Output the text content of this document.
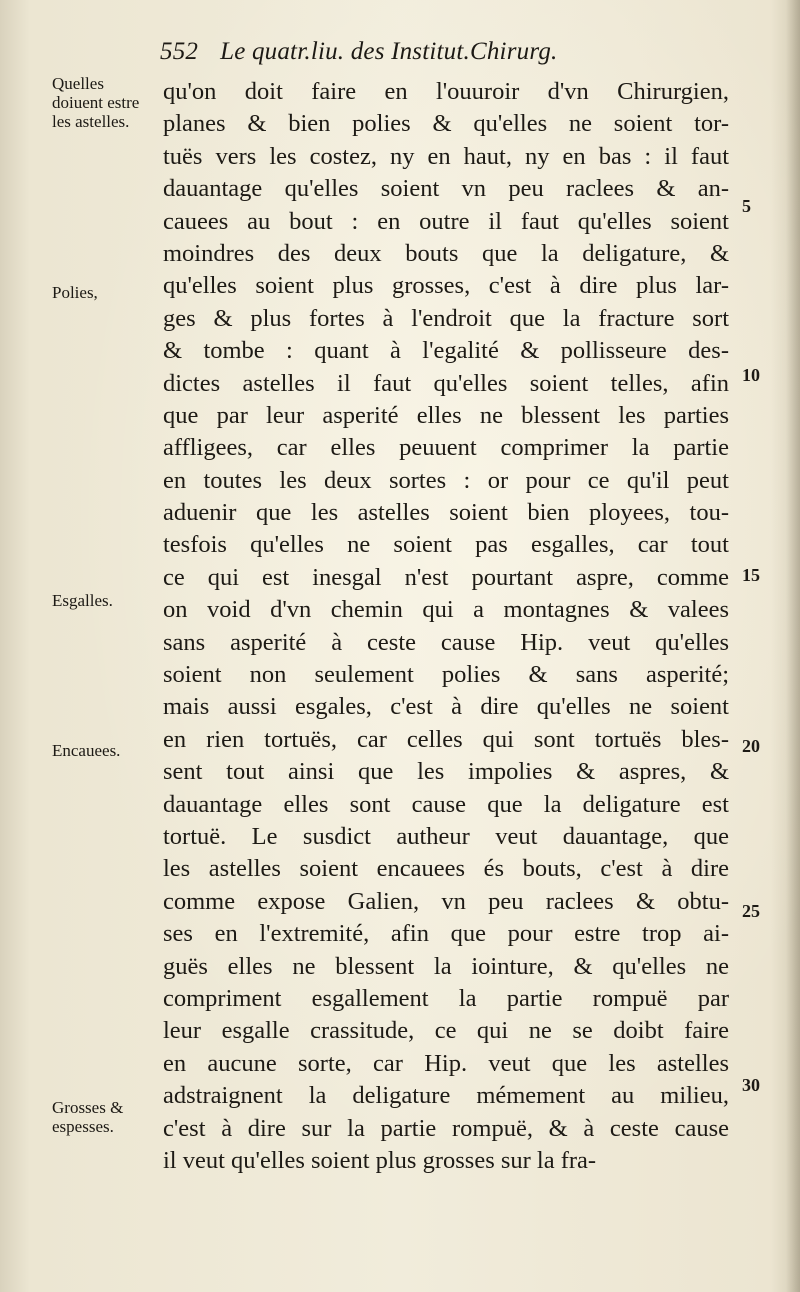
552 Le quatr.liu. des Institut.Chirurg.
Quelles doiuent estre les astelles.
Polies,
Esgalles.
Encauees.
Grosses & espesses.
5
10
15
20
25
30
qu'on doit faire en l'ouuroir d'vn Chirurgien,
planes & bien polies & qu'elles ne soient tor-
tuës vers les costez, ny en haut, ny en bas : il faut
dauantage qu'elles soient vn peu raclees & an-
cauees au bout : en outre il faut qu'elles soient
moindres des deux bouts que la deligature, &
qu'elles soient plus grosses, c'est à dire plus lar-
ges & plus fortes à l'endroit que la fracture sort
& tombe : quant à l'egalité & pollisseure des-
dictes astelles il faut qu'elles soient telles, afin
que par leur asperité elles ne blessent les parties
affligees, car elles peuuent comprimer la partie
en toutes les deux sortes : or pour ce qu'il peut
aduenir que les astelles soient bien ployees, tou-
tesfois qu'elles ne soient pas esgalles, car tout
ce qui est inesgal n'est pourtant aspre, comme
on void d'vn chemin qui a montagnes & valees
sans asperité à ceste cause Hip. veut qu'elles
soient non seulement polies & sans asperité;
mais aussi esgales, c'est à dire qu'elles ne soient
en rien tortuës, car celles qui sont tortuës bles-
sent tout ainsi que les impolies & aspres, &
dauantage elles sont cause que la deligature est
tortuë. Le susdict autheur veut dauantage, que
les astelles soient encauees és bouts, c'est à dire
comme expose Galien, vn peu raclees & obtu-
ses en l'extremité, afin que pour estre trop ai-
guës elles ne blessent la iointure, & qu'elles ne
compriment esgallement la partie rompuë par
leur esgalle crassitude, ce qui ne se doibt faire
en aucune sorte, car Hip. veut que les astelles
adstraignent la deligature mémement au milieu,
c'est à dire sur la partie rompuë, & à ceste cause
il veut qu'elles soient plus grosses sur la fra-
